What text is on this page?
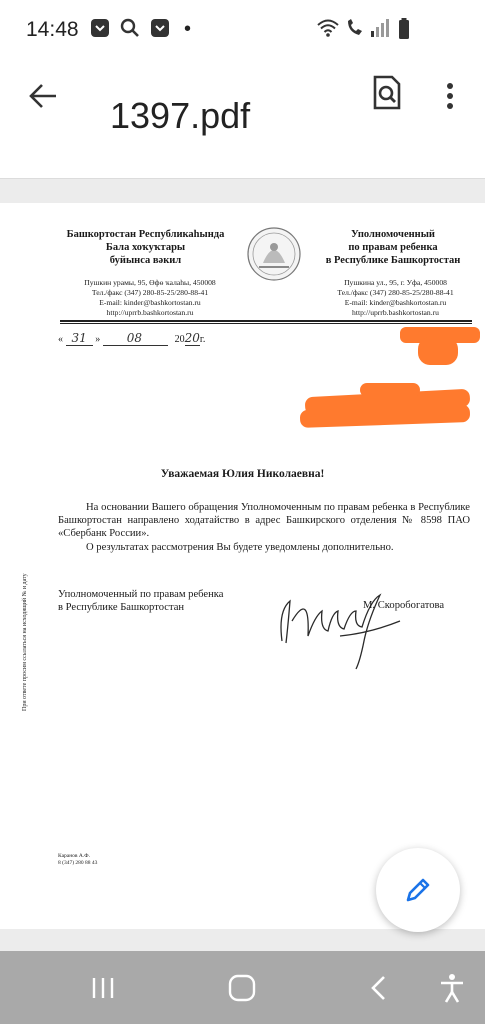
14:48	•
1397.pdf
Башкортостан Республикаһында
Бала хоҡуҡтары
буйынса вәкил
Пушкин урамы, 95, Өфө ҡалаһы, 450008
Тел./факс (347) 280-85-25/280-88-41
E-mail: kinder@bashkortostan.ru
http://uprrb.bashkortostan.ru
Уполномоченный
по правам ребенка
в Республике Башкортостан
Пушкина ул., 95, г. Уфа, 450008
Тел./факс (347) 280-85-25/280-88-41
E-mail: kinder@bashkortostan.ru
http://uprrb.bashkortostan.ru
« 31 » 08	2020г.
Уважаемая Юлия Николаевна!

На основании Вашего обращения Уполномоченным по правам ребенка в Республике Башкортостан направлено ходатайство в адрес Башкирского отделения № 8598 ПАО «Сбербанк России».

О результатах рассмотрения Вы будете уведомлены дополнительно.

Уполномоченный по правам ребенка
в Республике Башкортостан	М. Скоробогатова
При ответе просим ссылаться на исходящий № и дату
Каранов А.Ф.
8 (347) 280 88 43
